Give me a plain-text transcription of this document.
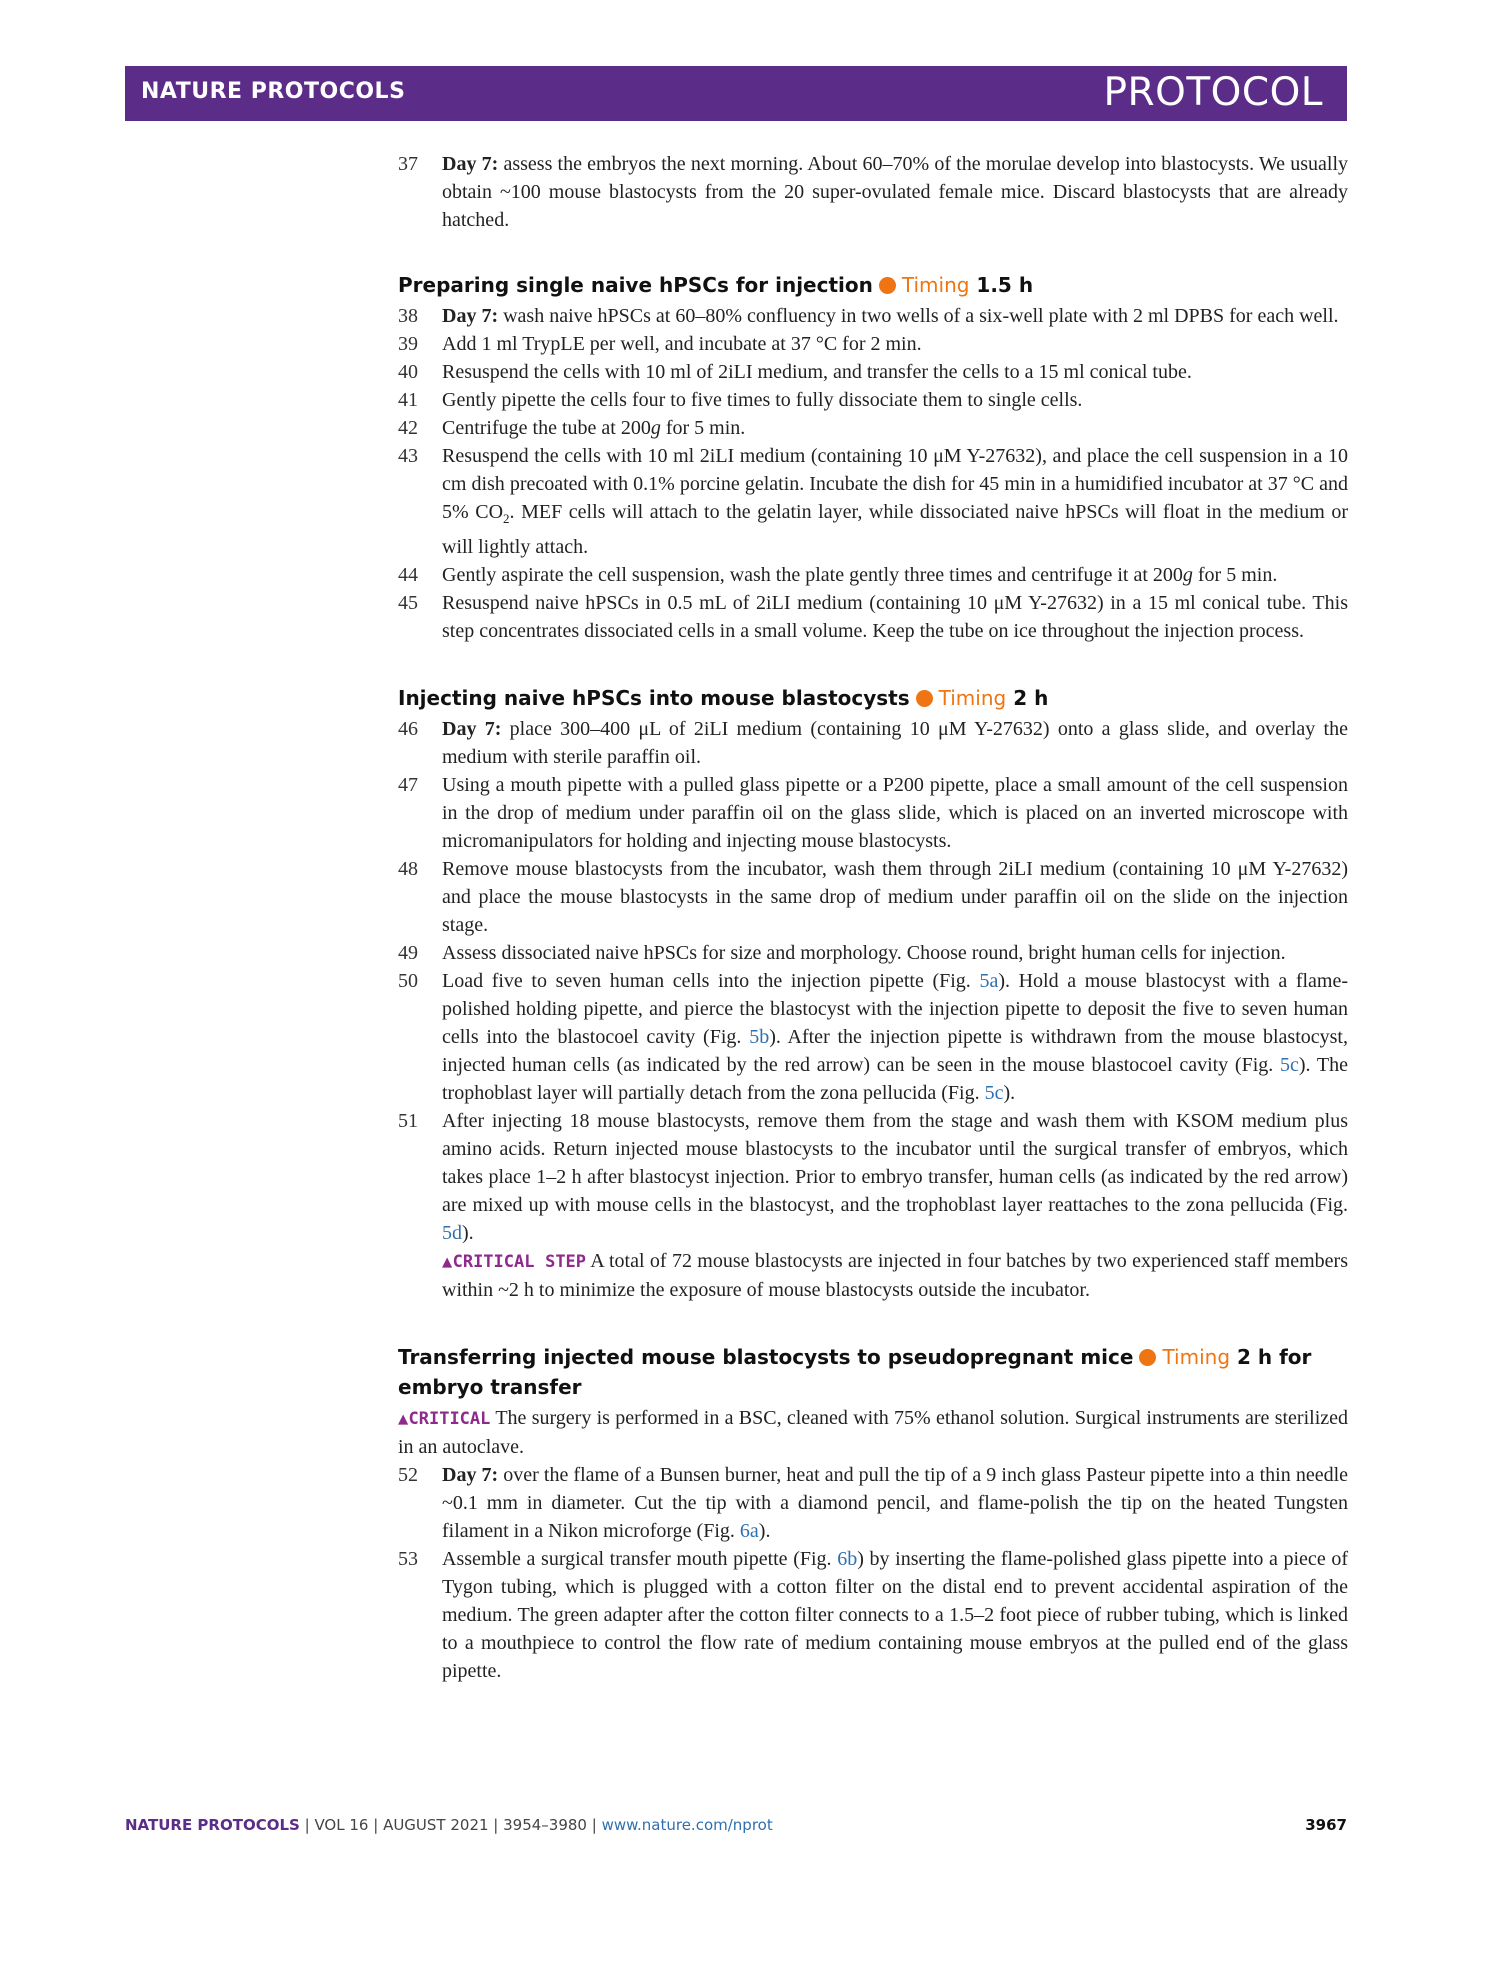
NATURE PROTOCOLS	PROTOCOL

37 Day 7: assess the embryos the next morning. About 60–70% of the morulae develop into blastocysts. We usually obtain ~100 mouse blastocysts from the 20 super-ovulated female mice. Discard blastocysts that are already hatched.

Preparing single naive hPSCs for injection Timing 1.5 h

38 Day 7: wash naive hPSCs at 60–80% confluency in two wells of a six-well plate with 2 ml DPBS for each well.

39 Add 1 ml TrypLE per well, and incubate at 37 °C for 2 min.

40 Resuspend the cells with 10 ml of 2iLI medium, and transfer the cells to a 15 ml conical tube.

41 Gently pipette the cells four to five times to fully dissociate them to single cells.

42 Centrifuge the tube at 200g for 5 min.

43 Resuspend the cells with 10 ml 2iLI medium (containing 10 μM Y-27632), and place the cell suspension in a 10 cm dish precoated with 0.1% porcine gelatin. Incubate the dish for 45 min in a humidified incubator at 37 °C and 5% $CO_2$. MEF cells will attach to the gelatin layer, while dissociated naive hPSCs will float in the medium or will lightly attach.

44 Gently aspirate the cell suspension, wash the plate gently three times and centrifuge it at 200g for 5 min.

45 Resuspend naive hPSCs in 0.5 mL of 2iLI medium (containing 10 μM Y-27632) in a 15 ml conical tube. This step concentrates dissociated cells in a small volume. Keep the tube on ice throughout the injection process.

Injecting naive hPSCs into mouse blastocysts Timing 2 h

46 Day 7: place 300–400 μL of 2iLI medium (containing 10 μM Y-27632) onto a glass slide, and overlay the medium with sterile paraffin oil.

47 Using a mouth pipette with a pulled glass pipette or a P200 pipette, place a small amount of the cell suspension in the drop of medium under paraffin oil on the glass slide, which is placed on an inverted microscope with micromanipulators for holding and injecting mouse blastocysts.

48 Remove mouse blastocysts from the incubator, wash them through 2iLI medium (containing 10 μM Y-27632) and place the mouse blastocysts in the same drop of medium under paraffin oil on the slide on the injection stage.

49 Assess dissociated naive hPSCs for size and morphology. Choose round, bright human cells for injection.

50 Load five to seven human cells into the injection pipette (Fig. 5a). Hold a mouse blastocyst with a flame-polished holding pipette, and pierce the blastocyst with the injection pipette to deposit the five to seven human cells into the blastocoel cavity (Fig. 5b). After the injection pipette is withdrawn from the mouse blastocyst, injected human cells (as indicated by the red arrow) can be seen in the mouse blastocoel cavity (Fig. 5c). The trophoblast layer will partially detach from the zona pellucida (Fig. 5c).

51 After injecting 18 mouse blastocysts, remove them from the stage and wash them with KSOM medium plus amino acids. Return injected mouse blastocysts to the incubator until the surgical transfer of embryos, which takes place 1–2 h after blastocyst injection. Prior to embryo transfer, human cells (as indicated by the red arrow) are mixed up with mouse cells in the blastocyst, and the trophoblast layer reattaches to the zona pellucida (Fig. 5d).
▲CRITICAL STEP A total of 72 mouse blastocysts are injected in four batches by two experienced staff members within ~2 h to minimize the exposure of mouse blastocysts outside the incubator.

Transferring injected mouse blastocysts to pseudopregnant mice Timing 2 h for embryo transfer

▲CRITICAL The surgery is performed in a BSC, cleaned with 75% ethanol solution. Surgical instruments are sterilized in an autoclave.

52 Day 7: over the flame of a Bunsen burner, heat and pull the tip of a 9 inch glass Pasteur pipette into a thin needle ~0.1 mm in diameter. Cut the tip with a diamond pencil, and flame-polish the tip on the heated Tungsten filament in a Nikon microforge (Fig. 6a).

53 Assemble a surgical transfer mouth pipette (Fig. 6b) by inserting the flame-polished glass pipette into a piece of Tygon tubing, which is plugged with a cotton filter on the distal end to prevent accidental aspiration of the medium. The green adapter after the cotton filter connects to a 1.5–2 foot piece of rubber tubing, which is linked to a mouthpiece to control the flow rate of medium containing mouse embryos at the pulled end of the glass pipette.

NATURE PROTOCOLS | VOL 16 | AUGUST 2021 | 3954–3980 | www.nature.com/nprot	3967
